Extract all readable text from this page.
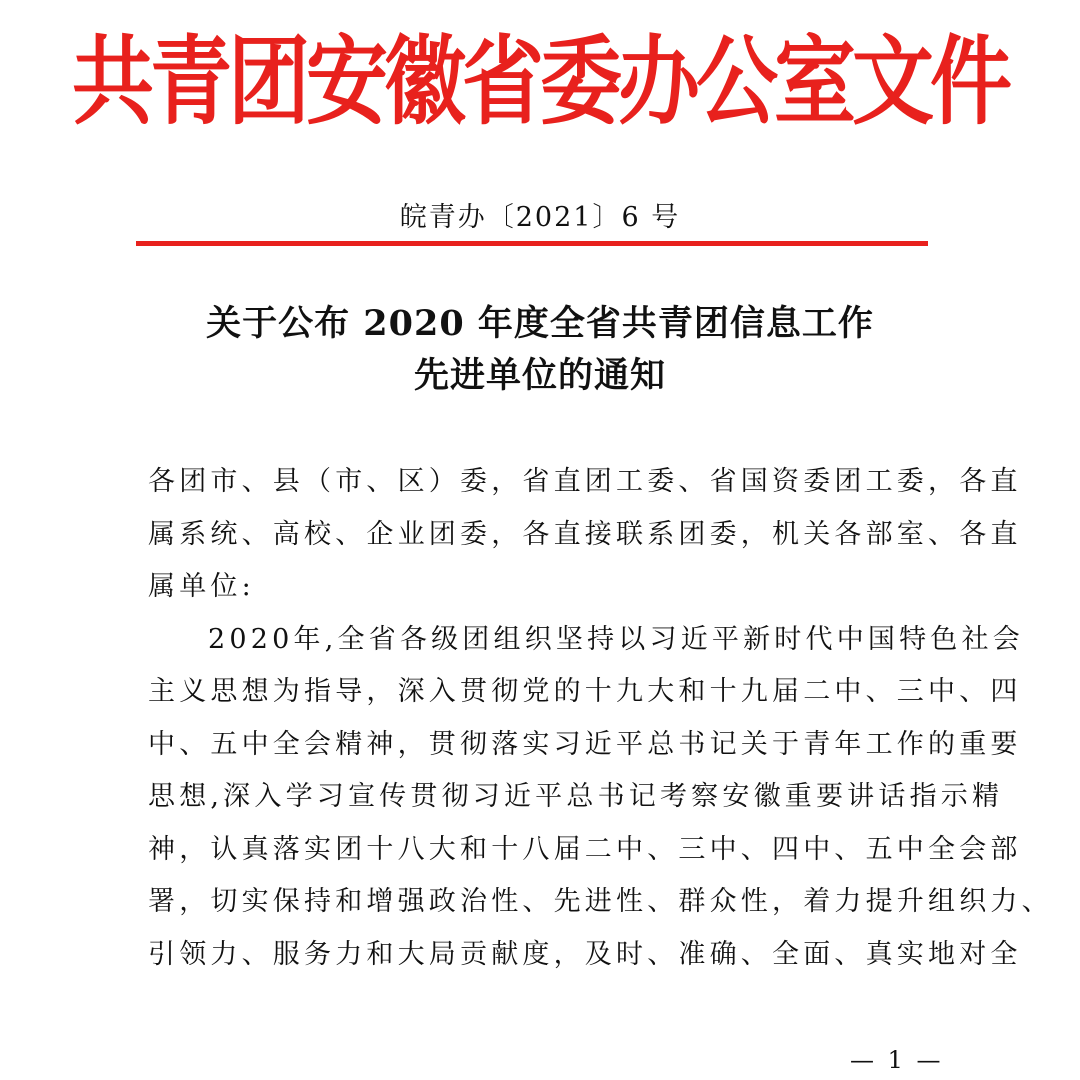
共青团安徽省委办公室文件
皖青办〔2021〕6 号
关于公布 2020 年度全省共青团信息工作
先进单位的通知
各团市、县（市、区）委，省直团工委、省国资委团工委，各直
属系统、高校、企业团委，各直接联系团委，机关各部室、各直
属单位:
2020年,全省各级团组织坚持以习近平新时代中国特色社会
主义思想为指导，深入贯彻党的十九大和十九届二中、三中、四
中、五中全会精神，贯彻落实习近平总书记关于青年工作的重要
思想,深入学习宣传贯彻习近平总书记考察安徽重要讲话指示精
神，认真落实团十八大和十八届二中、三中、四中、五中全会部
署，切实保持和增强政治性、先进性、群众性，着力提升组织力、
引领力、服务力和大局贡献度，及时、准确、全面、真实地对全
— 1 —
